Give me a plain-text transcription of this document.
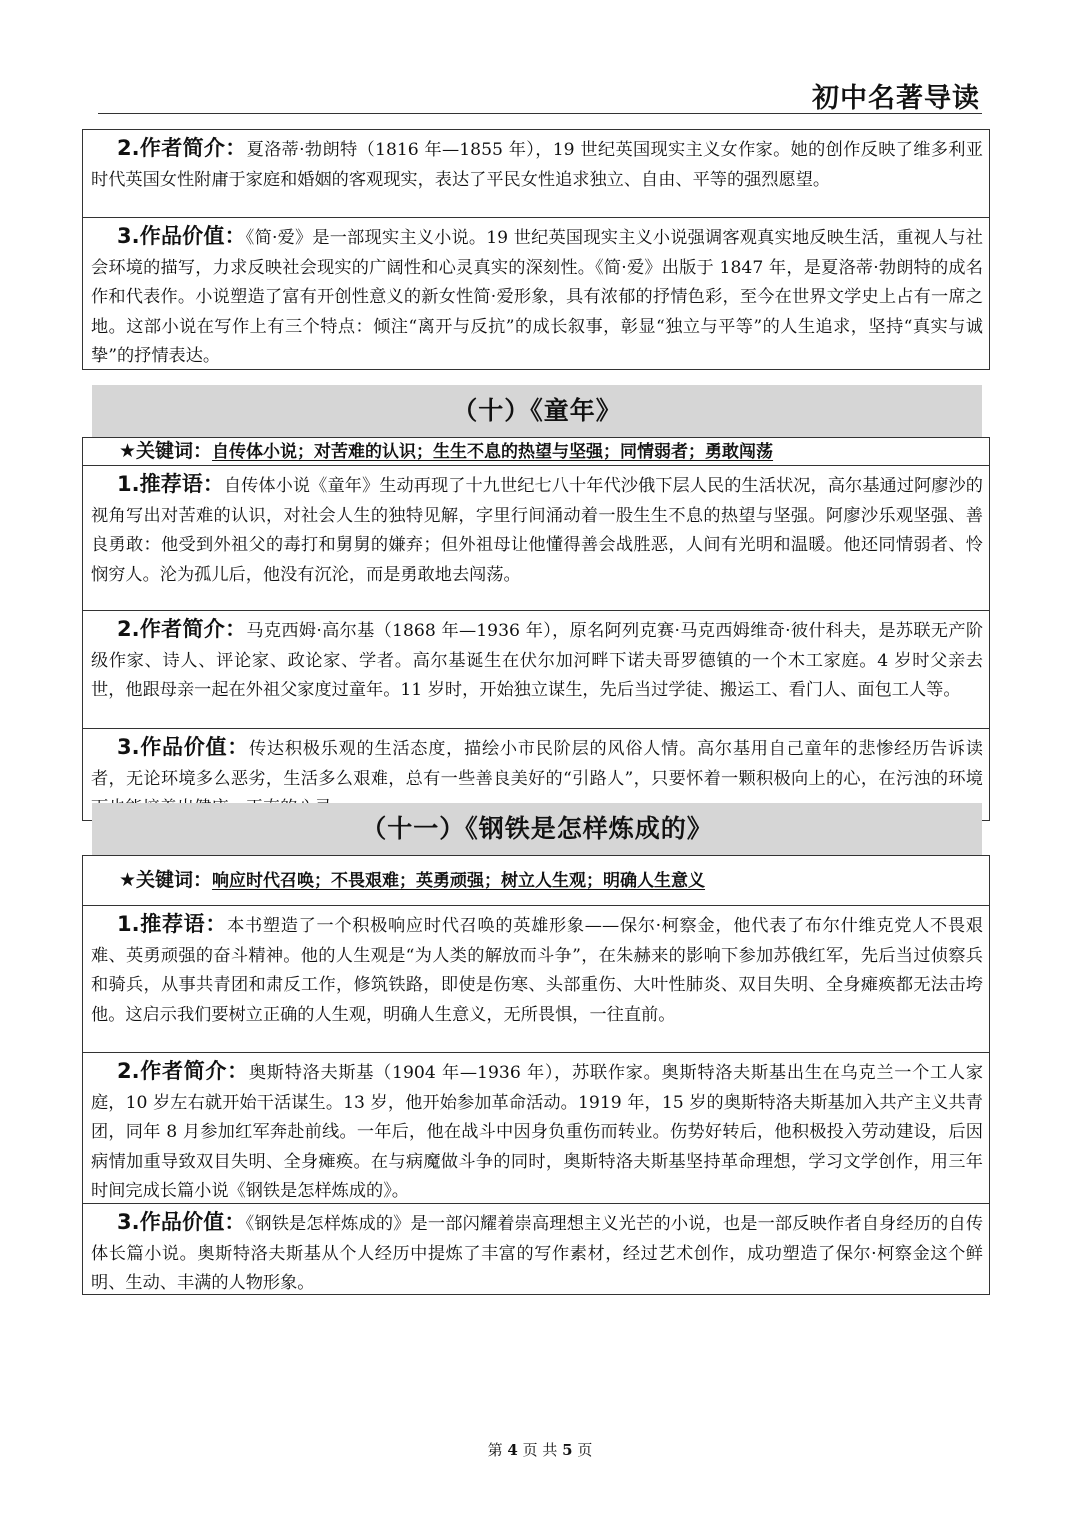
初中名著导读
2.作者简介：夏洛蒂·勃朗特（1816 年—1855 年），19 世纪英国现实主义女作家。她的创作反映了维多利亚时代英国女性附庸于家庭和婚姻的客观现实，表达了平民女性追求独立、自由、平等的强烈愿望。
3.作品价值：《简·爱》是一部现实主义小说。19 世纪英国现实主义小说强调客观真实地反映生活，重视人与社会环境的描写，力求反映社会现实的广阔性和心灵真实的深刻性。《简·爱》出版于 1847 年，是夏洛蒂·勃朗特的成名作和代表作。小说塑造了富有开创性意义的新女性简·爱形象，具有浓郁的抒情色彩，至今在世界文学史上占有一席之地。这部小说在写作上有三个特点：倾注“离开与反抗”的成长叙事，彰显“独立与平等”的人生追求，坚持“真实与诚挚”的抒情表达。
（十）《童年》
★关键词：自传体小说；对苦难的认识；生生不息的热望与坚强；同情弱者；勇敢闯荡
1.推荐语：自传体小说《童年》生动再现了十九世纪七八十年代沙俄下层人民的生活状况，高尔基通过阿廖沙的视角写出对苦难的认识，对社会人生的独特见解，字里行间涌动着一股生生不息的热望与坚强。阿廖沙乐观坚强、善良勇敢：他受到外祖父的毒打和舅舅的嫌弃；但外祖母让他懂得善会战胜恶，人间有光明和温暖。他还同情弱者、怜悯穷人。沦为孤儿后，他没有沉沦，而是勇敢地去闯荡。
2.作者简介：马克西姆·高尔基（1868 年—1936 年），原名阿列克赛·马克西姆维奇·彼什科夫，是苏联无产阶级作家、诗人、评论家、政论家、学者。高尔基诞生在伏尔加河畔下诺夫哥罗德镇的一个木工家庭。4 岁时父亲去世，他跟母亲一起在外祖父家度过童年。11 岁时，开始独立谋生，先后当过学徒、搬运工、看门人、面包工人等。
3.作品价值：传达积极乐观的生活态度，描绘小市民阶层的风俗人情。高尔基用自己童年的悲惨经历告诉读者，无论环境多么恶劣，生活多么艰难，总有一些善良美好的“引路人”，只要怀着一颗积极向上的心，在污浊的环境
（十一）《钢铁是怎样炼成的》
★关键词：响应时代召唤；不畏艰难；英勇顽强；树立人生观；明确人生意义
1.推荐语：本书塑造了一个积极响应时代召唤的英雄形象——保尔·柯察金，他代表了布尔什维克党人不畏艰难、英勇顽强的奋斗精神。他的人生观是“为人类的解放而斗争”，在朱赫来的影响下参加苏俄红军，先后当过侦察兵和骑兵，从事共青团和肃反工作，修筑铁路，即使是伤寒、头部重伤、大叶性肺炎、双目失明、全身瘫痪都无法击垮他。这启示我们要树立正确的人生观，明确人生意义，无所畏惧，一往直前。
2.作者简介：奥斯特洛夫斯基（1904 年—1936 年），苏联作家。奥斯特洛夫斯基出生在乌克兰一个工人家庭，10 岁左右就开始干活谋生。13 岁，他开始参加革命活动。1919 年，15 岁的奥斯特洛夫斯基加入共产主义共青团，同年 8 月参加红军奔赴前线。一年后，他在战斗中因身负重伤而转业。伤势好转后，他积极投入劳动建设，后因病情加重导致双目失明、全身瘫痪。在与病魔做斗争的同时，奥斯特洛夫斯基坚持革命理想，学习文学创作，用三年时间完成长篇小说《钢铁是怎样炼成的》。
3.作品价值：《钢铁是怎样炼成的》是一部闪耀着崇高理想主义光芒的小说，也是一部反映作者自身经历的自传体长篇小说。奥斯特洛夫斯基从个人经历中提炼了丰富的写作素材，经过艺术创作，成功塑造了保尔·柯察金这个鲜明、生动、丰满的人物形象。
第 4 页 共 5 页
